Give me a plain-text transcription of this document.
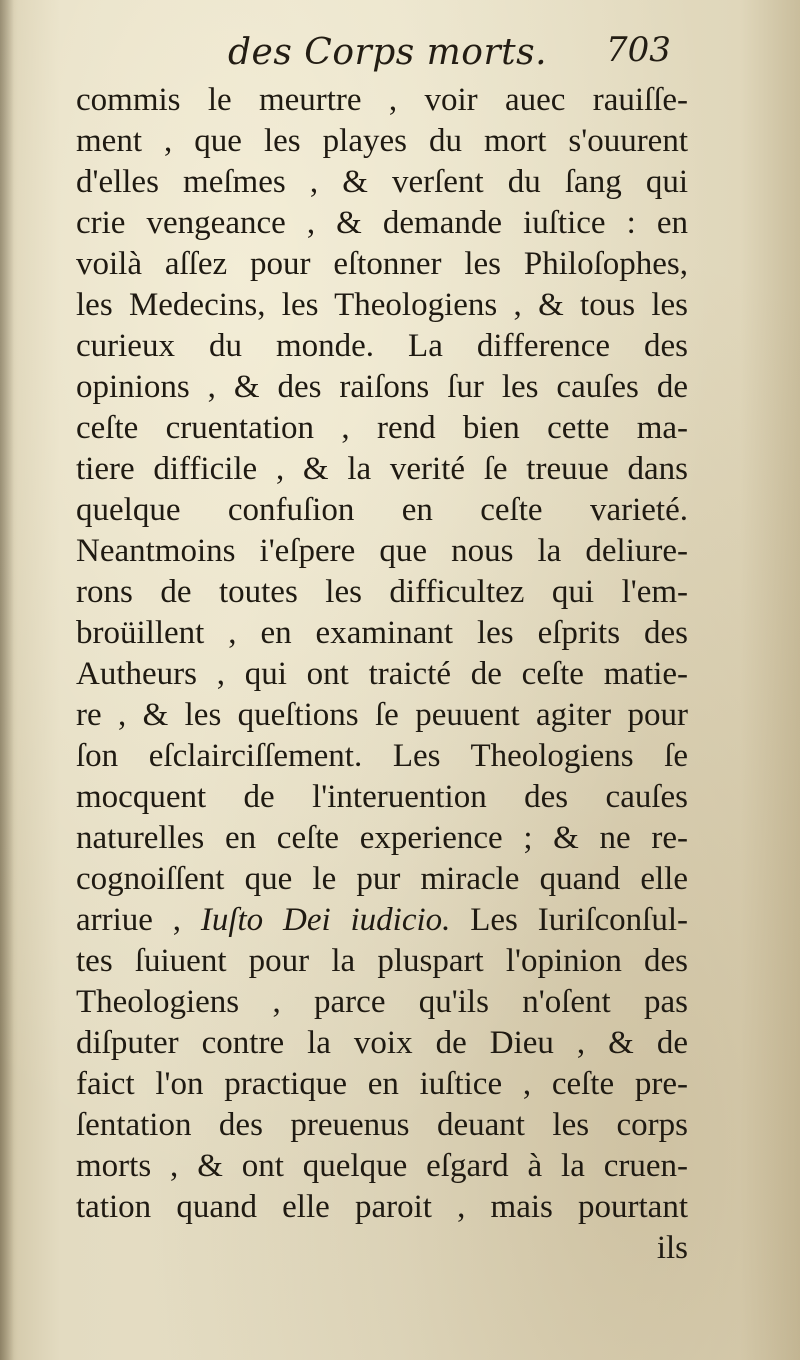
des Corps morts. 703
commis le meurtre , voir auec rauiſſe-
ment , que les playes du mort s'ouurent
d'elles meſmes , & verſent du ſang qui
crie vengeance , & demande iuſtice : en
voilà aſſez pour eſtonner les Philoſophes,
les Medecins, les Theologiens , & tous les
curieux du monde. La difference des
opinions , & des raiſons ſur les cauſes de
ceſte cruentation , rend bien cette ma-
tiere difficile , & la verité ſe treuue dans
quelque confuſion en ceſte varieté.
Neantmoins i'eſpere que nous la deliure-
rons de toutes les difficultez qui l'em-
broüillent , en examinant les eſprits des
Autheurs , qui ont traicté de ceſte matie-
re , & les queſtions ſe peuuent agiter pour
ſon eſclairciſſement. Les Theologiens ſe
mocquent de l'interuention des cauſes
naturelles en ceſte experience ; & ne re-
cognoiſſent que le pur miracle quand elle
arriue , Iuſto Dei iudicio. Les Iuriſconſul-
tes ſuiuent pour la pluspart l'opinion des
Theologiens , parce qu'ils n'oſent pas
diſputer contre la voix de Dieu , & de
faict l'on practique en iuſtice , ceſte pre-
ſentation des preuenus deuant les corps
morts , & ont quelque eſgard à la cruen-
tation quand elle paroit , mais pourtant
ils
